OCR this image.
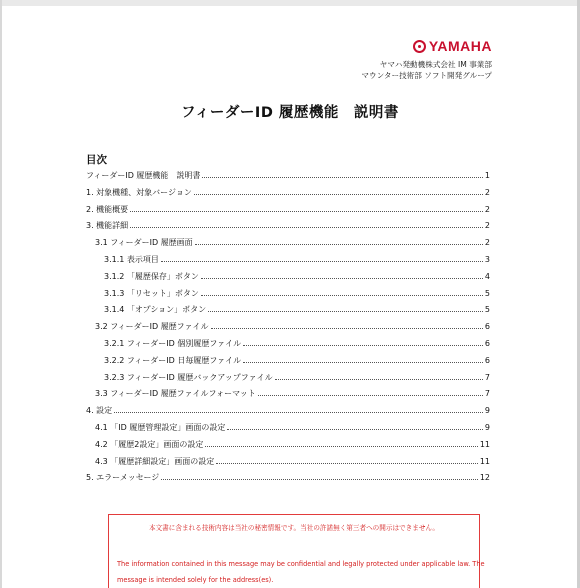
YAMAHA
ヤマハ発動機株式会社 IM 事業部
マウンター技術部 ソフト開発グループ
フィーダーID 履歴機能　説明書
目次
フィーダーID 履歴機能　説明書	1
1. 対象機種、対象バージョン	2
2. 機能概要	2
3. 機能詳細	2
3.1 フィーダーID 履歴画面	2
3.1.1 表示項目	3
3.1.2 「履歴保存」ボタン	4
3.1.3 「リセット」ボタン	5
3.1.4 「オプション」ボタン	5
3.2 フィーダーID 履歴ファイル	6
3.2.1 フィーダーID 個別履歴ファイル	6
3.2.2 フィーダーID 日毎履歴ファイル	6
3.2.3 フィーダーID 履歴バックアップファイル	7
3.3 フィーダーID 履歴ファイルフォーマット	7
4. 設定	9
4.1 「ID 履歴管理設定」画面の設定	9
4.2 「履歴2設定」画面の設定	11
4.3 「履歴詳細設定」画面の設定	11
5. エラーメッセージ	12
本文書に含まれる技術内容は当社の秘密情報です。当社の許諾無く第三者への開示はできません。
The information contained in this message may be confidential and legally protected under applicable law. The
message is intended solely for the address(es).
